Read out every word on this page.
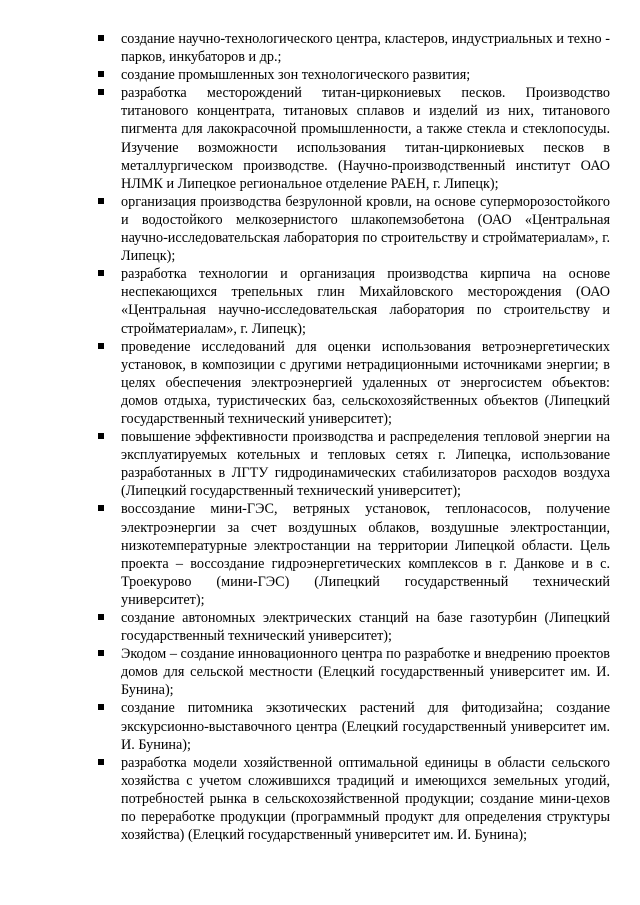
создание научно-технологического центра, кластеров, индустриальных и техно - парков, инкубаторов и др.;
создание промышленных зон технологического развития;
разработка месторождений титан-циркониевых песков. Производство титанового концентрата, титановых сплавов и изделий из них, титанового пигмента для лакокрасочной промышленности, а также стекла и стеклопосуды. Изучение возможности использования титан-циркониевых песков в металлургическом производстве. (Научно-производственный институт ОАО НЛМК и Липецкое региональное отделение РАЕН, г. Липецк);
организация производства безрулонной кровли, на основе суперморозостойкого и водостойкого мелкозернистого шлакопемзобетона (ОАО «Центральная научно-исследовательская лаборатория по строительству и стройматериалам», г. Липецк);
разработка технологии и организация производства кирпича на основе неспекающихся трепельных глин Михайловского месторождения (ОАО «Центральная научно-исследовательская лаборатория по строительству и стройматериалам», г. Липецк);
проведение исследований для оценки использования ветроэнергетических установок, в композиции с другими нетрадиционными источниками энергии; в целях обеспечения электроэнергией удаленных от энергосистем объектов: домов отдыха, туристических баз, сельскохозяйственных объектов (Липецкий государственный технический университет);
повышение эффективности производства и распределения тепловой энергии на эксплуатируемых котельных и тепловых сетях г. Липецка, использование разработанных в ЛГТУ гидродинамических стабилизаторов расходов воздуха (Липецкий государственный технический университет);
воссоздание мини-ГЭС, ветряных установок, теплонасосов, получение электроэнергии за счет воздушных облаков, воздушные электростанции, низкотемпературные электростанции на территории Липецкой области. Цель проекта – воссоздание гидроэнергетических комплексов в г. Данкове и в с. Троекурово (мини-ГЭС) (Липецкий государственный технический университет);
создание автономных электрических станций на базе газотурбин (Липецкий государственный технический университет);
Экодом – создание инновационного центра по разработке и внедрению проектов домов для сельской местности (Елецкий государственный университет им. И. Бунина);
создание питомника экзотических растений для фитодизайна; создание экскурсионно-выставочного центра (Елецкий государственный университет им. И. Бунина);
разработка модели хозяйственной оптимальной единицы в области сельского хозяйства с учетом сложившихся традиций и имеющихся земельных угодий, потребностей рынка в сельскохозяйственной продукции; создание мини-цехов по переработке продукции (программный продукт для определения структуры хозяйства) (Елецкий государственный университет им. И. Бунина);
